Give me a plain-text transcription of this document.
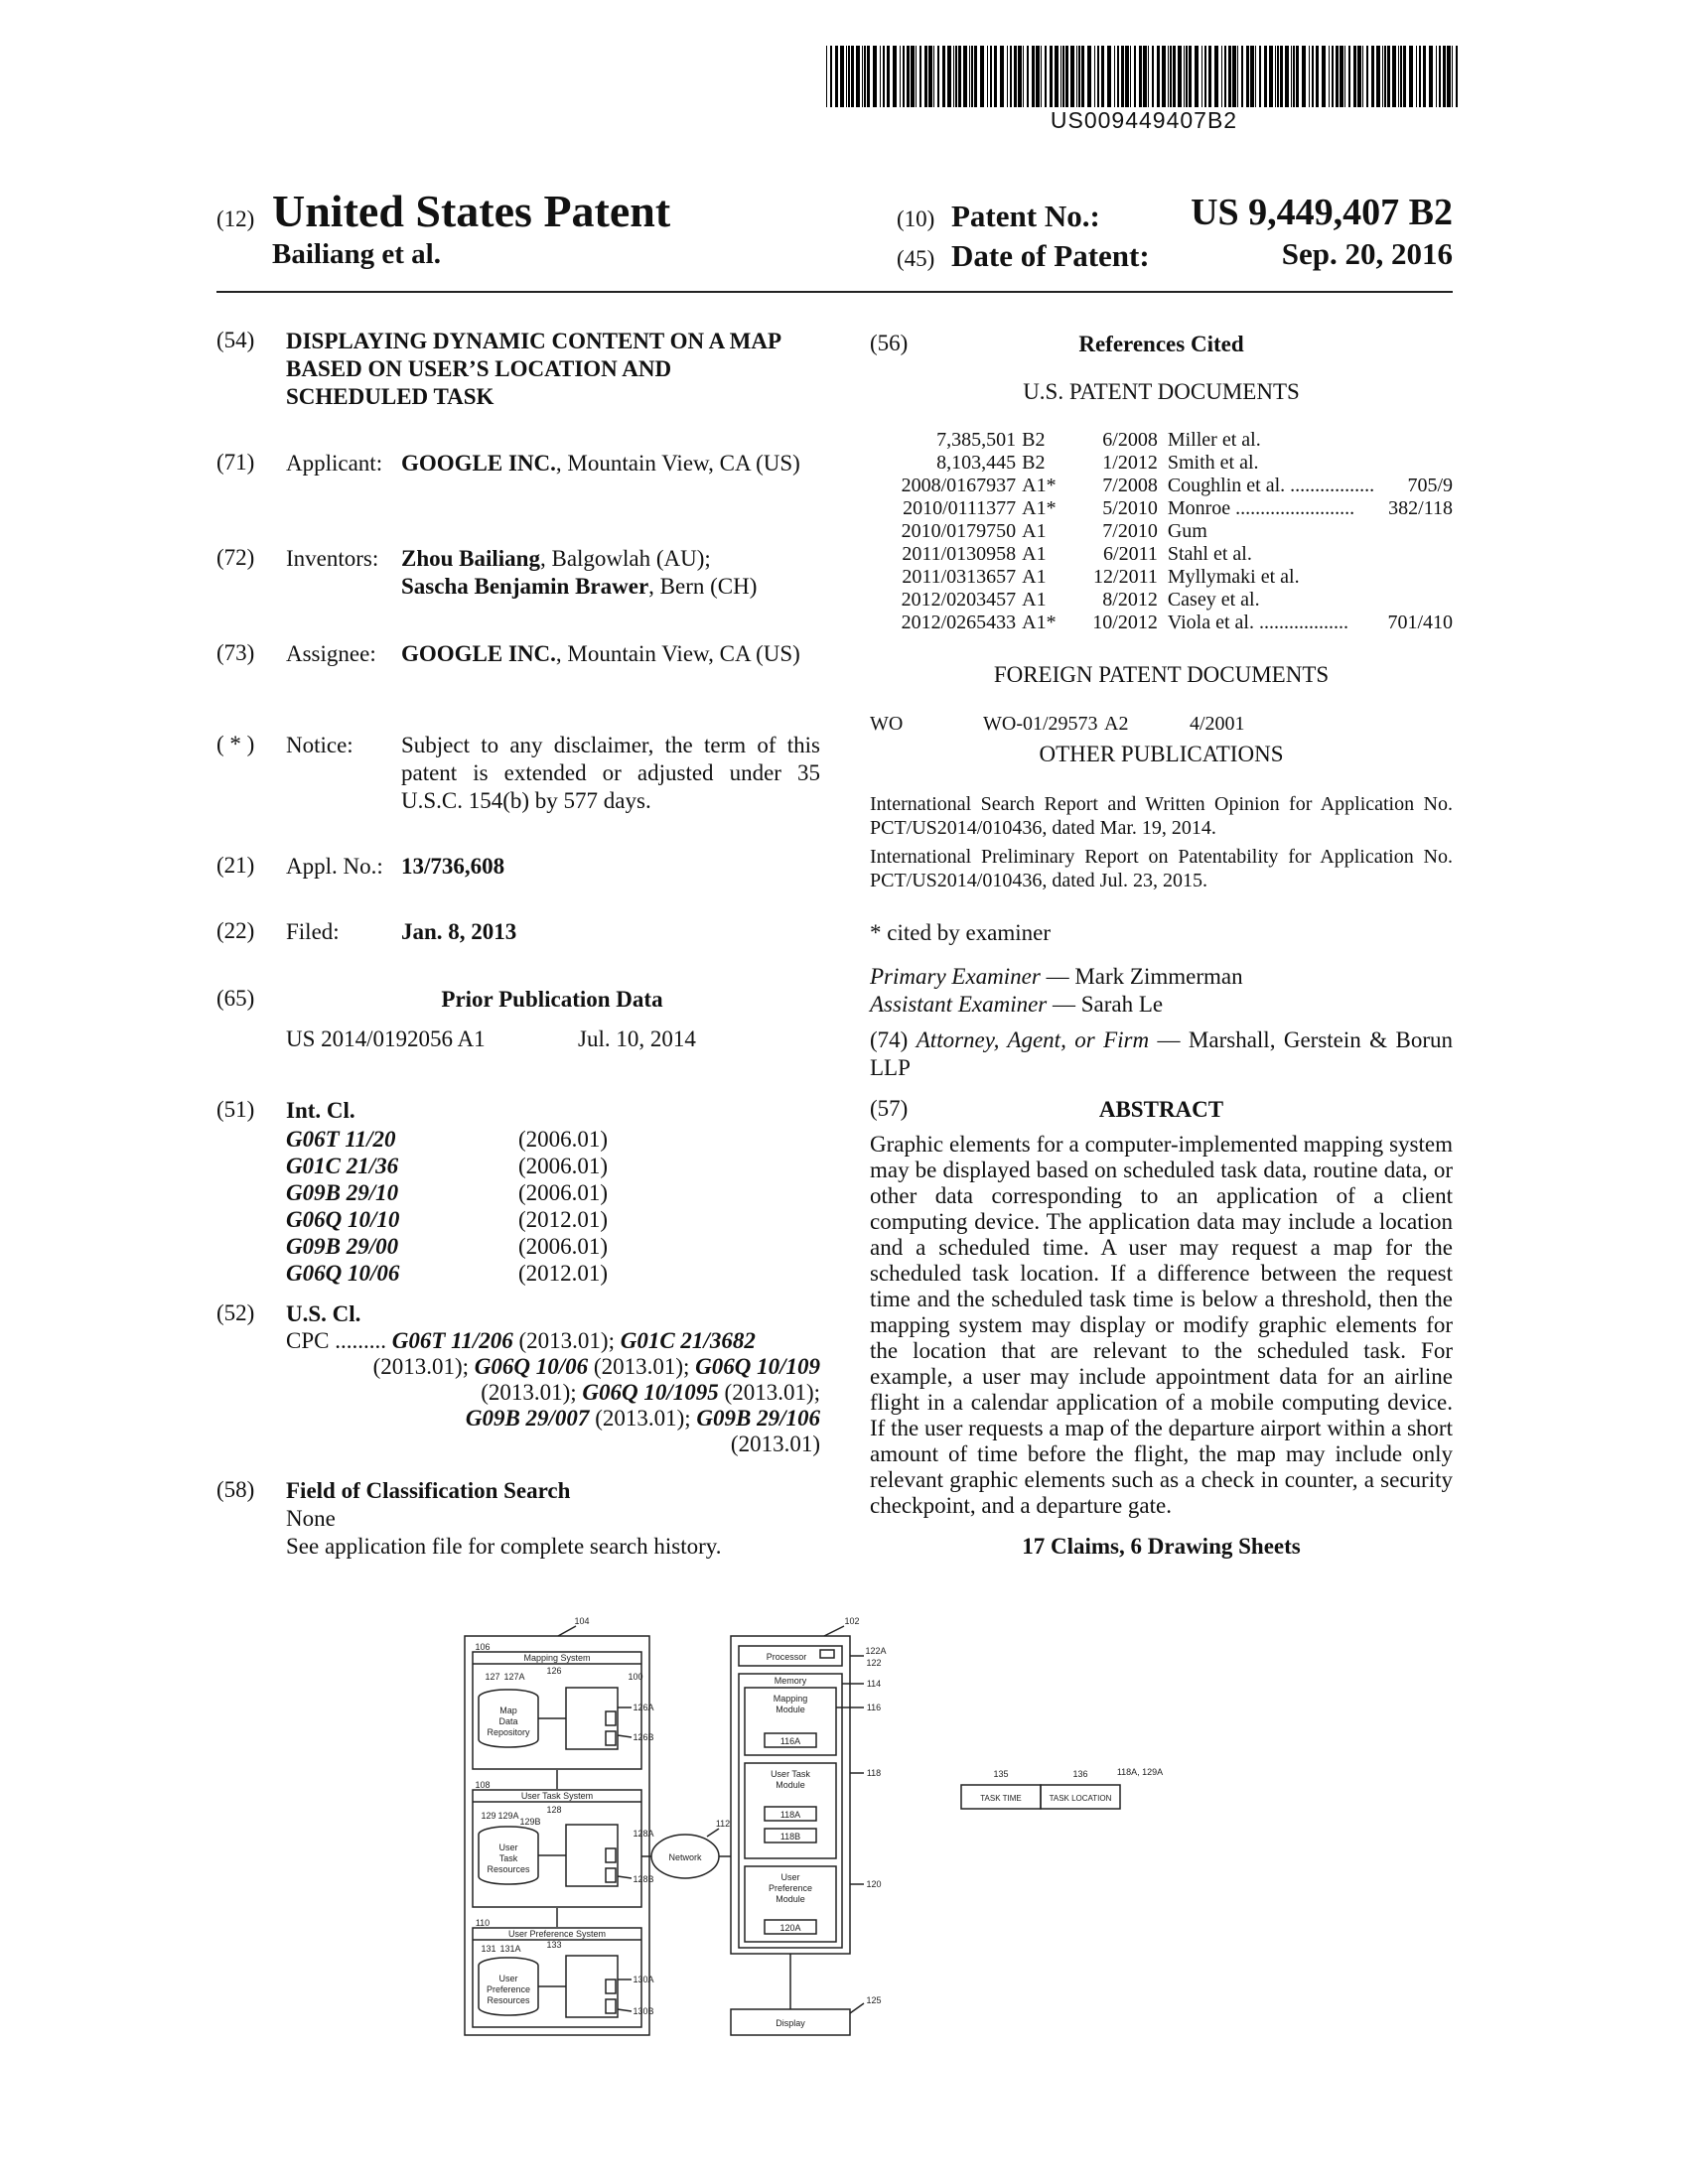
US009449407B2
(12) United States Patent
Bailiang et al.
(10) Patent No.:	US 9,449,407 B2
(45) Date of Patent:	Sep. 20, 2016
(54) DISPLAYING DYNAMIC CONTENT ON A MAP BASED ON USER’S LOCATION AND SCHEDULED TASK
(71) Applicant: GOOGLE INC., Mountain View, CA (US)
(72) Inventors: Zhou Bailiang, Balgowlah (AU);
Sascha Benjamin Brawer, Bern (CH)
(73) Assignee: GOOGLE INC., Mountain View, CA (US)
( * ) Notice: Subject to any disclaimer, the term of this patent is extended or adjusted under 35 U.S.C. 154(b) by 577 days.
(21) Appl. No.: 13/736,608
(22) Filed:	Jan. 8, 2013
(65)	Prior Publication Data
US 2014/0192056 A1	Jul. 10, 2014
(51) Int. Cl.
G06T 11/20	(2006.01)
G01C 21/36	(2006.01)
G09B 29/10	(2006.01)
G06Q 10/10	(2012.01)
G09B 29/00	(2006.01)
G06Q 10/06	(2012.01)
(52) U.S. Cl.
CPC ......... G06T 11/206 (2013.01); G01C 21/3682
(2013.01); G06Q 10/06 (2013.01); G06Q 10/109
(2013.01); G06Q 10/1095 (2013.01);
G09B 29/007 (2013.01); G09B 29/106
(2013.01)
(58) Field of Classification Search
None
See application file for complete search history.
(56)	References Cited
U.S. PATENT DOCUMENTS
7,385,501	B2	6/2008	Miller et al.	
8,103,445	B2	1/2012	Smith et al.	
2008/0167937	A1*	7/2008	Coughlin et al. .................	705/9
2010/0111377	A1*	5/2010	Monroe ........................	382/118
2010/0179750	A1	7/2010	Gum	
2011/0130958	A1	6/2011	Stahl et al.	
2011/0313657	A1	12/2011	Myllymaki et al.	
2012/0203457	A1	8/2012	Casey et al.	
2012/0265433	A1*	10/2012	Viola et al. ..................	701/410
FOREIGN PATENT DOCUMENTS
WO	WO-01/29573 A2	4/2001
OTHER PUBLICATIONS
International Search Report and Written Opinion for Application No. PCT/US2014/010436, dated Mar. 19, 2014.
International Preliminary Report on Patentability for Application No. PCT/US2014/010436, dated Jul. 23, 2015.
* cited by examiner
Primary Examiner — Mark Zimmerman
Assistant Examiner — Sarah Le
(74) Attorney, Agent, or Firm — Marshall, Gerstein & Borun LLP
(57)	ABSTRACT
Graphic elements for a computer-implemented mapping system may be displayed based on scheduled task data, routine data, or other data corresponding to an application of a client computing device. The application data may include a location and a scheduled time. A user may request a map for the scheduled task location. If a difference between the request time and the scheduled task time is below a threshold, then the mapping system may display or modify graphic elements for the location that are relevant to the scheduled task. For example, a user may include appointment data for an airline flight in a calendar application of a mobile computing device. If the user requests a map of the departure airport within a short amount of time before the flight, the map may include only relevant graphic elements such as a check in counter, a security checkpoint, and a departure gate.
17 Claims, 6 Drawing Sheets
104
Mapping System
106
127 127A
126
Map
Data
Repository
126A
126B
100
108
User Task System
129 129A
129B
128
User
Task
Resources
128A
128B
112
Network
110
User Preference System
131 131A	133
User
Preference
Resources
130A
130B
102
Processor
122A
122
Memory	114
Mapping
Module	116
116A
User Task
Module
118
118A
118B
User
Preference
Module
120
120A
125
Display
135	136	118A, 129A
TASK TIME	TASK LOCATION
